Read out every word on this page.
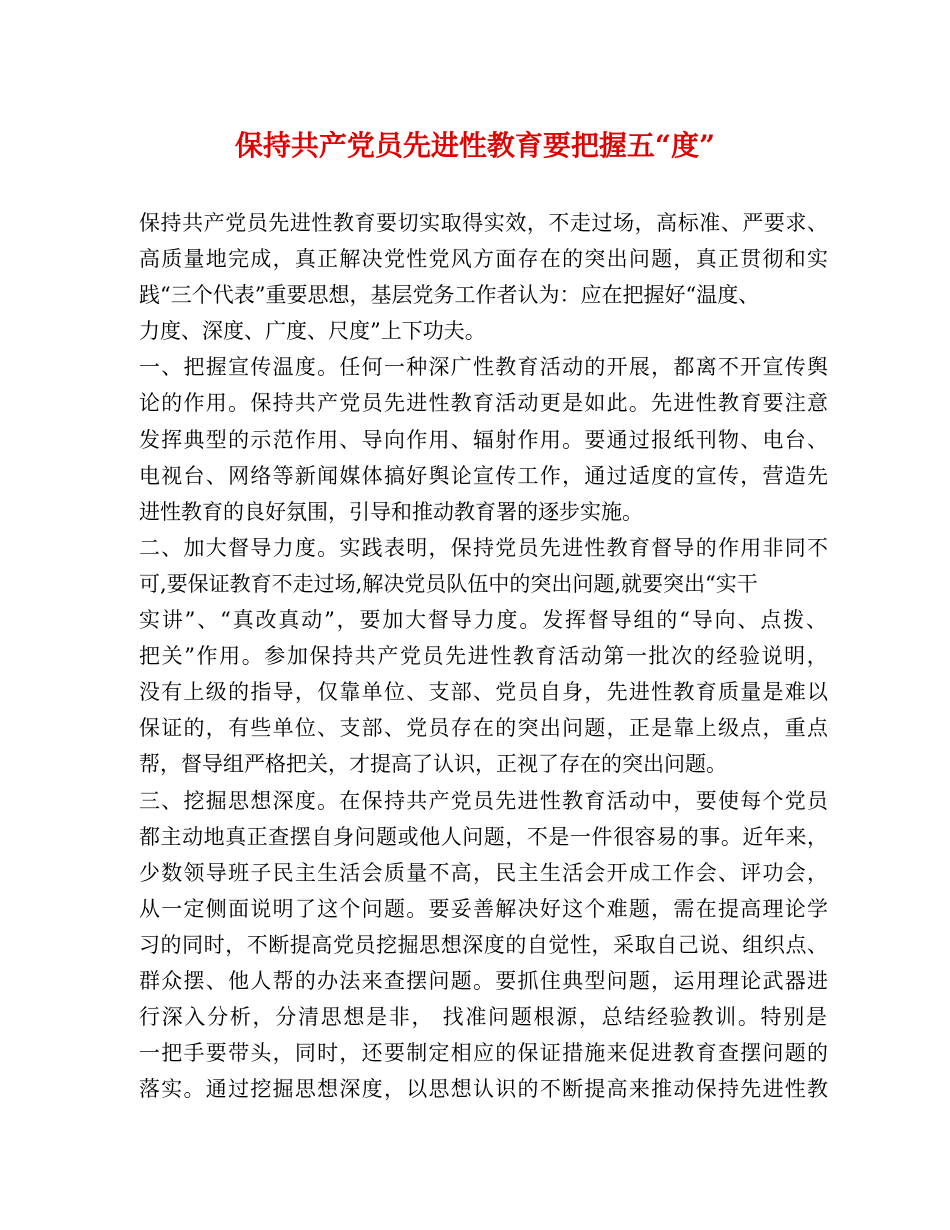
保持共产党员先进性教育要把握五“度”
保持共产党员先进性教育要切实取得实效，不走过场，高标准、严要求、
高质量地完成，真正解决党性党风方面存在的突出问题，真正贯彻和实
践“三个代表”重要思想，基层党务工作者认为：应在把握好“温度、
力度、深度、广度、尺度”上下功夫。
一、把握宣传温度。任何一种深广性教育活动的开展，都离不开宣传舆
论的作用。保持共产党员先进性教育活动更是如此。先进性教育要注意
发挥典型的示范作用、导向作用、辐射作用。要通过报纸刊物、电台、
电视台、网络等新闻媒体搞好舆论宣传工作，通过适度的宣传，营造先
进性教育的良好氛围，引导和推动教育署的逐步实施。
二、加大督导力度。实践表明，保持党员先进性教育督导的作用非同不
可,要保证教育不走过场,解决党员队伍中的突出问题,就要突出“实干
实讲”、“真改真动”，要加大督导力度。发挥督导组的“导向、点拨、
把关”作用。参加保持共产党员先进性教育活动第一批次的经验说明，
没有上级的指导，仅靠单位、支部、党员自身，先进性教育质量是难以
保证的，有些单位、支部、党员存在的突出问题，正是靠上级点，重点
帮，督导组严格把关，才提高了认识，正视了存在的突出问题。
三、挖掘思想深度。在保持共产党员先进性教育活动中，要使每个党员
都主动地真正查摆自身问题或他人问题，不是一件很容易的事。近年来，
少数领导班子民主生活会质量不高，民主生活会开成工作会、评功会，
从一定侧面说明了这个问题。要妥善解决好这个难题，需在提高理论学
习的同时，不断提高党员挖掘思想深度的自觉性，采取自己说、组织点、
群众摆、他人帮的办法来查摆问题。要抓住典型问题，运用理论武器进
行深入分析，分清思想是非， 找准问题根源，总结经验教训。特别是
一把手要带头，同时，还要制定相应的保证措施来促进教育查摆问题的
落实。通过挖掘思想深度，以思想认识的不断提高来推动保持先进性教
